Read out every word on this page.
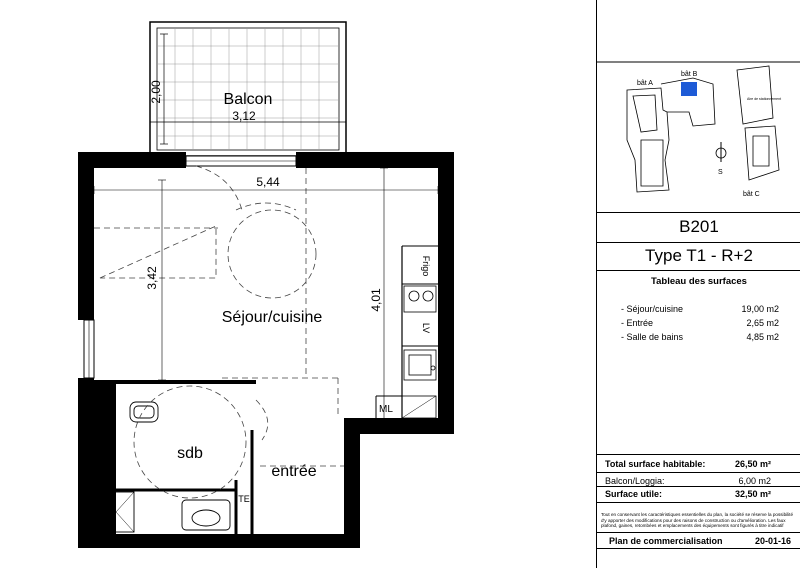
Balcon
3,12
2,00
5,44
3,42
4,01
Séjour/cuisine
sdb
entrée
Frigo
LV
ML
TE
bât A
bât B
bât C
Aire de stationnement
S
B201
Type T1 - R+2
Tableau des surfaces
- Séjour/cuisine	19,00 m2
- Entrée	2,65 m2
- Salle de bains	4,85 m2
Total surface habitable:	26,50 m²
Balcon/Loggia:	6,00 m2
Surface utile:	32,50 m²
Tout en conservant les caractéristiques essentielles du plan, la société se réserve la possibilité d'y apporter des modifications pour des raisons de construction ou d'amélioration. Les faux plafond, gaines, retombées et emplacements des équipements sont figurés à titre indicatif
Plan de commercialisation	20-01-16
